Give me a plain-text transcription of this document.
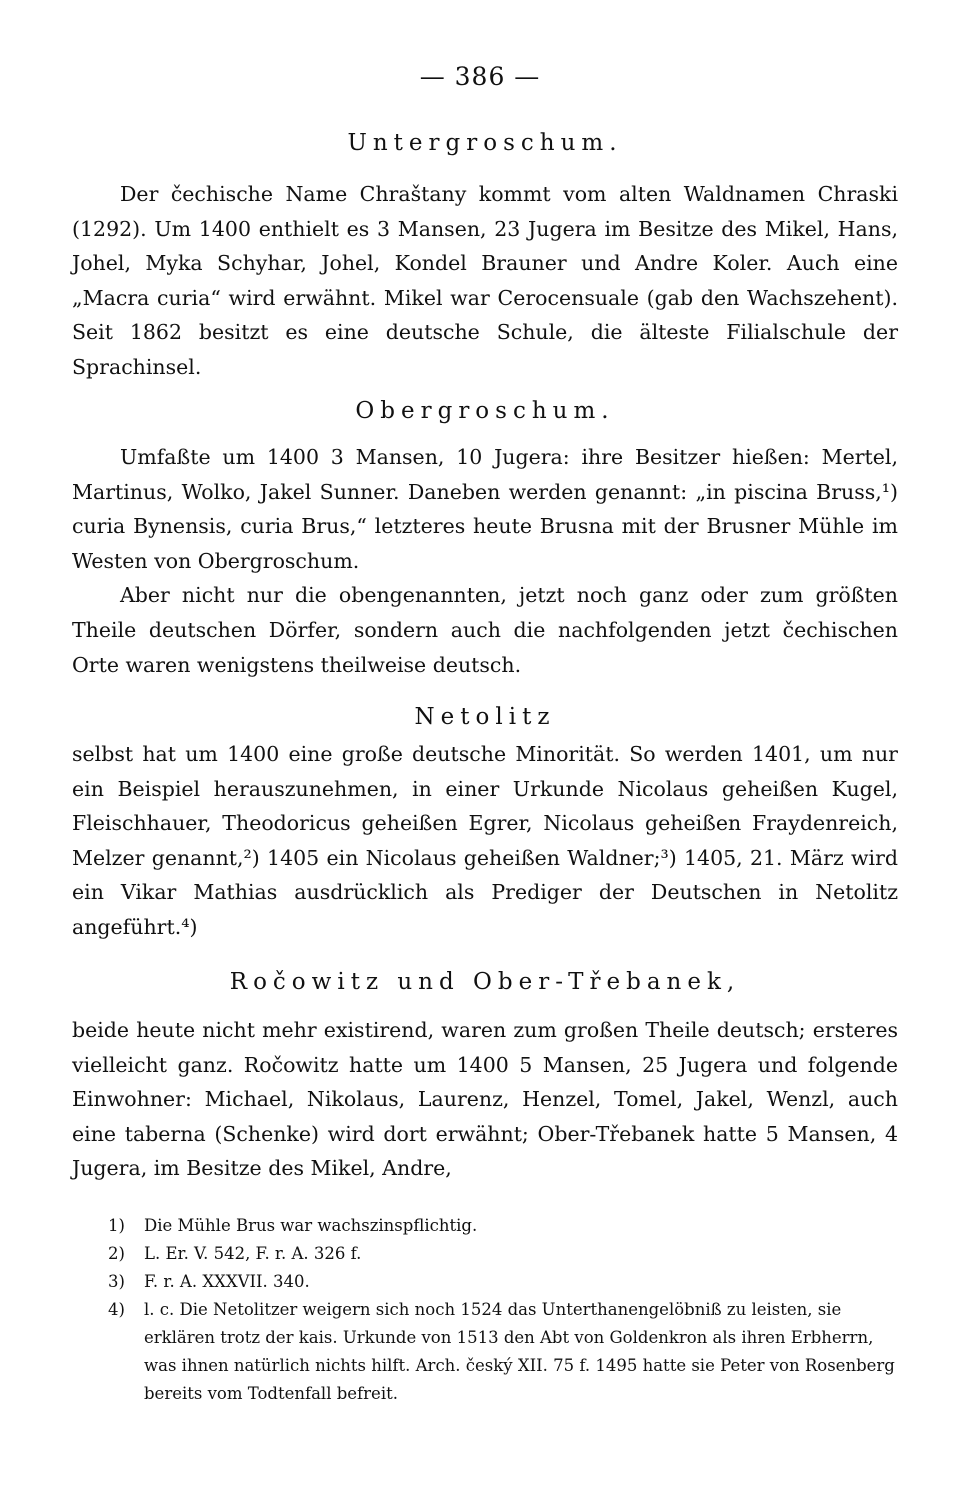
— 386 —
Untergroschum.

Der čechische Name Chraštany kommt vom alten Waldnamen Chraski (1292). Um 1400 enthielt es 3 Mansen, 23 Jugera im Besitze des Mikel, Hans, Johel, Myka Schyhar, Johel, Kondel Brauner und Andre Koler. Auch eine „Macra curia“ wird erwähnt. Mikel war Cerocensuale (gab den Wachszehent). Seit 1862 besitzt es eine deutsche Schule, die älteste Filialschule der Sprachinsel.

Obergroschum.

Umfaßte um 1400 3 Mansen, 10 Jugera: ihre Besitzer hießen: Mertel, Martinus, Wolko, Jakel Sunner. Daneben werden genannt: „in piscina Bruss,¹) curia Bynensis, curia Brus,“ letzteres heute Brusna mit der Brusner Mühle im Westen von Obergroschum.

Aber nicht nur die obengenannten, jetzt noch ganz oder zum größten Theile deutschen Dörfer, sondern auch die nachfolgenden jetzt čechischen Orte waren wenigstens theilweise deutsch.

Netolitz

selbst hat um 1400 eine große deutsche Minorität. So werden 1401, um nur ein Beispiel herauszunehmen, in einer Urkunde Nicolaus geheißen Kugel, Fleischhauer, Theodoricus geheißen Egrer, Nicolaus geheißen Fraydenreich, Melzer genannt,²) 1405 ein Nicolaus geheißen Waldner;³) 1405, 21. März wird ein Vikar Mathias ausdrücklich als Prediger der Deutschen in Netolitz angeführt.⁴)

Ročowitz und Ober-Třebanek,

beide heute nicht mehr existirend, waren zum großen Theile deutsch; ersteres vielleicht ganz. Ročowitz hatte um 1400 5 Mansen, 25 Jugera und folgende Einwohner: Michael, Nikolaus, Laurenz, Henzel, Tomel, Jakel, Wenzl, auch eine taberna (Schenke) wird dort erwähnt; Ober-Třebanek hatte 5 Mansen, 4 Jugera, im Besitze des Mikel, Andre,

1) Die Mühle Brus war wachszinspflichtig.

2) L. Er. V. 542, F. r. A. 326 f.

3) F. r. A. XXXVII. 340.

4)	l. c. Die Netolitzer weigern sich noch 1524 das Unterthanengelöbniß zu leisten, sie erklären trotz der kais. Urkunde von 1513 den Abt von Goldenkron als ihren Erbherrn, was ihnen natürlich nichts hilft. Arch. český XII. 75 f. 1495 hatte sie Peter von Rosenberg bereits vom Todtenfall befreit.
